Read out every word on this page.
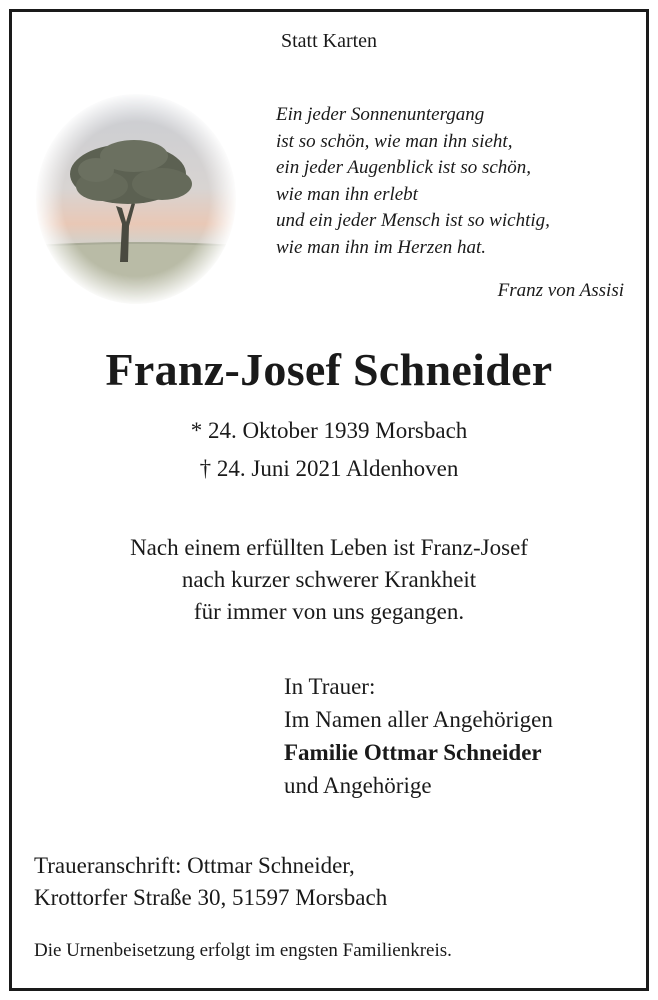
Statt Karten
Ein jeder Sonnenuntergang
ist so schön, wie man ihn sieht,
ein jeder Augenblick ist so schön,
wie man ihn erlebt
und ein jeder Mensch ist so wichtig,
wie man ihn im Herzen hat.
Franz von Assisi
Franz-Josef Schneider
* 24. Oktober 1939 Morsbach
† 24. Juni 2021 Aldenhoven
Nach einem erfüllten Leben ist Franz-Josef
nach kurzer schwerer Krankheit
für immer von uns gegangen.
In Trauer:
Im Namen aller Angehörigen
Familie Ottmar Schneider
und Angehörige
Traueranschrift: Ottmar Schneider,
Krottorfer Straße 30, 51597 Morsbach
Die Urnenbeisetzung erfolgt im engsten Familienkreis.
